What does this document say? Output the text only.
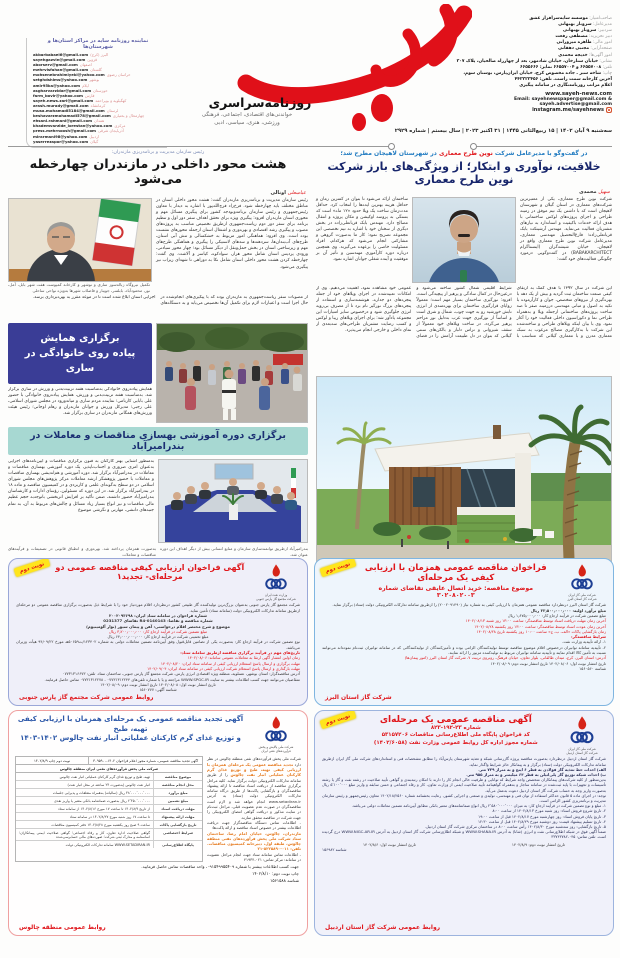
نماینده روزنامه سایه در مراکز استان‌ها و شهرستان‌ها
البرز (کرج)
akbarbabaei6@gmail.com
قزوین
sayehgazvin@gmail.com
اصفهان
aborserv@gmail.com
گلستان
mehrvisfahan@gmail.com
خراسان رضوی
mohsenebrahimiyeki@yahoo.com
بوشهر
setghdshims@yahoo.com
ایلام
amir95ka@yahoo.com
خوزستان
asgharvarzidar@gmail.com
فارس
farm_bovir@yahoo.com
کهگیلویه و بویراحمد
sayeh.news.zari@gmail.com
کرمانشاه
arash.murady@gmail.com
لرستان
musa.mohamadi5184@gmail.com
چهارمحال و بختیاری
keshavarzmohamadi578@gmail.com
همدان
ehsanl.rahmani@gmail.com
مرکزی
khademvarzide_lorestan@yahoo.com
آذربایجان شرقی
press.mehrnoosh@gmail.com
اردبیل
mirarmani98@yahoo.com
گیلان
yaserrezapor@yahoo.com
روزنامه‌سراسری
خواندنی‌های اقتصادی، اجتماعی، فرهنگی
ورزشی، هنری، سیاسی، ادبی
صاحب‌امتیاز: موسسه سایه‌سرافراز عشق
مدیرعامل: سروناز بهبهانی
سردبیر: سروناز بهبهانی
دبیر تحریریه: مصطفی رفعت
امور مالی: طاهره میرورانی
صفحه‌آرایی: مجتبی دهقانی
امور آگهی‌ها: خدیجه محمدی
نشانی: خیابان ستارخان، خیابان شادمهر، بعد از چهارراه صالحیان، پلاک ۳۰۷
تلفن: ۶۶۵۵۷۰۰۸ و ۶۶۵۵۷۰۰۴ نمابر: ۶۶۵۵۶۶۶
چاپ: شاخه سبز ـ جاده مخصوص کرج، خیابان ایران‌پارس، بوستان سوم، آخرین کارخانه سمت راست. تلفن: ۴۴۳۳۳۳۴۵۶
اعلام مراتب روزنامه‌نگاری در سامانه پیگیری
www.sayeh-news.com
Email: sayehnewspaper@gmail.com & sayeh.advertise@gmail.com
instagram.me/sayehnews
سه‌شنبه ۹ آبان ۱۴۰۲ | ۱۵ ربیع‌الثانی ۱۴۴۵ | ۳۱ اکتبر ۲۰۲۳ | سال بیستم | شماره ۲۹۲۹
در گفت‌وگو با مدیرعامل شرکت نوین طرح معماری در شهرستان لاهیجان مطرح شد؛
خلاقیت، نوآوری و ابتکار؛ از ویژگی‌های بارز شرکت نوین طرح معماری
سهیل محمدی
شرکت نوین طرح معماری، یکی از معتبرترین شرکت‌های معماری در استان گیلان و شهرستان لاهیجان است که با داشتن یک تیم موفق در زمینه طراحی و اجرای پروژه‌های لوکس ساختمانی با هدف ارائه خدمات باکیفیت و استاندارد به نیازهای مشتریان فعالیت می‌نماید. مهندس آرشیتکت بابک قربانعلی‌زاده؛ فارغ‌التحصیل مهندسی معماری، مدیرعامل شرکت نوین طرح معماری واقع در لاهیجان، خیابان شیشه‌گران (اینستاگرام BABAKARCHITECT) در گفت‌وگویی درمورد چگونگی فعالیت‌های خود گفت:
ساختمان ارائه می‌شود تا بتوان در کمترین زمان و حداقل هزینه بهترین ایده‌ها را انتخاب کرد. حداقل مدت‌زمان ساخت یک ویلا حدود «۱۲ ماه» است که بستگی به پروسه اوکیشن و مکان پروژه و انتقال مصالح دارد. مهندس بابک قربانعلی‌زاده در بخش دیگری از سخنان خود با اشاره به تیم تخصصی این مجموعه تصریح نمود: کار ما به‌صورت گروهی و مشارکتی انجام می‌شود که هرکدام، افراد مسئولیت خاصی را برعهده می‌گیرند. وی همچنین درباره دوره کارآموزی مهندسین و تأثیر آن بر موفقیت و آینده شغلی جوانان اشاره نمود.
این شرکت در سال ۱۳۹۲ با هدف کمک به ارتقای کیفی صنعت ساختمان ثبت گردید و بیش از یک دهه با بهره‌گیری از نیروهای متخصص، جوان و کارآزموده با تکیه به اصول و مبانی مهندسی درزمینه صفر تا صد ساخت پروژه‌های ساختمانی ازجمله ویلا و به‌همراه طراحی نما و دکوراسیون داخلی فعالیت خود را آغاز نمود. وی با بیان اینکه ویلاهای طراحی و ساخته‌شده این شرکت با به‌کارگیری مصالح مرغوب به سبک معماری مدرن و با معماری گیلانی که متناسب با شرایط اقلیمی شمال کشور ساخته می‌شود و درعین‌حال در کمال سادگی و پرهیز از پیچیدگی است، افزود: نورگیری ساختمان بسیار مهم است؛ معمولاً زوایای قرارگیری ساختمان برای بهره‌مندی از انرژی تابش خورشید رو به جهت چوب، شمال و شرق است و اساساً از نورگیری جهت غرب به‌دلیل نور مزاحم پرهیز می‌گردد. در ساخت ویلاهای خود معمولاً از سقف شیروانی و تراس دلباز و بالکن‌های سنتی گیلانی که بتوان در دل طبیعت آرامش را در فضای عمومی خود مشاهده نمود، اهمیت می‌دهیم. وی از امکانات تعبیه‌شده در اجرای ویلاهای خود از جمله پنجره‌های دو جداره، هوشمندسازی و استفاده از پنجره‌های بزرگ نورگیر نام برد تا از مصرف بی‌رویه انرژی جلوگیری شود و درخصوص سایر امتیازات این مجموعه یادآور شد: برای اجرای ویلاهای زیبا و لوکس و کسب رضایت مشتریان طراحی‌های سه‌بعدی از نمای داخلی و خارجی انجام می‌پذیرد.
رئیس سازمان مدیریت و برنامه‌ریزی مازندران:
هشت محور داخلی در مازندران چهارخطه می‌شود
عباسعلی اونالی
رئیس سازمان مدیریت و برنامه‌ریزی مازندران گفت: هشت محور داخلی استان در مناطق مختلف باید چهارخطه شود. فرخ‌زاد فرج‌الله‌پور با اشاره به دیدار با معاون رئیس‌جمهوری و رئیس سازمان برنامه‌وبودجه کشور برای پیگیری مسائل مهم و محوری استان مازندران افزود: پیگیری ویژه برای تحقق اهداف سفر دور اول و تنظیم برنامه برای سفر دور دوم ریاست‌جمهوری ازطریق تخصیص مناسب به پروژه‌های مصوب و پیگیری رشد اقتصادی و بهره‌وری و اشتغال استان ازجمله محورهای نشست بوده است. وی افزود: هماهنگی امور مربوط به خشکسالی و تنش آبی استان، طرح‌های آب‌بندان‌ها، سردهنه‌ها و سدهای لاستیکی را پیگیری و هماهنگی طرح‌های مهم و زیرساختی استان در بخش حمل‌ونقل از دیگر مسائل بود؛ چهار محور سیادتی، ورودی پردیس استان شامل محور هراز، سوادکوه، کیاسر و آلاشت. وی گفت: چهارخطه کردن هشت محور داخلی استان شامل نکا به دوراهی تا شهدای زیراب نیز پیگیری می‌شود.
تکمیل نیروگاه زباله‌سوز ساری و نوشهر و کارخانه کمپوست هفت شهر بابل، آمل، نور، محمودآباد، بابلسر، جویبار و فاضلاب شهرها به‌ویژه نواحی ساحلی
از مصوبات سفر ریاست‌جمهوری به مازندران بوده که با پیگیری‌های انجام‌شده در حال اجرا است و اعتبارات لازم برای تکمیل آن‌ها تخصیص می‌یابد و به دستگاه‌های اجرایی استان ابلاغ شده است تا در موعد مقرر به بهره‌برداری برسد.
برگزاری همایش
پیاده روی خانوادگی در ساری
همایش پیاده‌روی خانوادگی به‌مناسبت هفته تربیت‌بدنی و ورزش در ساری برگزار شد. به‌مناسبت هفته تربیت‌بدنی و ورزش، همایش پیاده‌روی خانوادگی با حضور علی بابایی کارنامی؛ نماینده مردم ساری و میاندورود در مجلس شورای اسلامی، علی رجبی؛ مدیرکل ورزش و جوانان مازندران و رهام اوجانی؛ رئیس هیئت ورزش‌های همگانی مازندران در ساری برگزار شد.
برگزاری دوره آموزشی بهسازی مناقصات و معاملات در بندرامیرآباد
به‌منظور آشنایی بهتر کارکنان به فنون برگزاری مناقصات و آیین‌نامه‌های اجرایی به‌عنوان امری ضروری و اجتناب‌ناپذیر، یک دوره آموزشی بهسازی مناقصات و معاملات در بندرامیرآباد برگزار شد. دوره آموزشی و هم‌اندیشی بهسازی مناقصات و معاملات با حضور پژوهشگر ارشد معاملات مرکز پژوهش‌های مجلس شورای اسلامی در دو سطح به‌گونه‌ای علمی و کاربردی و در کمیسیون مناقصه و ماده ۱۸ در بندرامیرآباد برگزار شد. در این دوره که مسئولین، رؤسای ادارات و کارشناسان بندرامیرآباد حضور داشتند، ضمن تأکید بر افزایش اثربخشی باتوجه‌به حجم عظیم مالی مناقصات و نیز انواع بسیار زیاد مسائل و چالش‌های مربوط به آن، به تمام جنبه‌های دانشی، مهارتی و نگرشی موضوع
بندرامیرآباد ازطریق توانمندسازی سازمان و منابع انسانی بیش از دیگر اهداف این دوره عنوان شد.
به‌صورت همزمان پرداخته شد. بهره‌وری و انطباق قانونی در تصمیمات و فرآیندهای مناقصات و معاملات
وزارت نفت ایران
شرکت مجتمع گاز پارس جنوبی
آگهی فراخوان ارزیابی کیفی مناقصه عمومی دو مرحله‌ای- تجدید۱
نوبت دوم
شرکت مجتمع گاز پارس جنوبی به‌عنوان بزرگ‌ترین تولیدکننده گاز طبیعی کشور درنظردارد اقلام موردنیاز خود را با شرایط ذیل به‌صورت برگزاری مناقصه عمومی دو مرحله‌ای ازطریق سامانه تدارکات الکترونیکی دولت (سامانه ستاد) تأمین نماید.
شماره فراخوان در سامانه ستاد ایران: ۲۰۰۲۰۹۳۶۹۸
شماره مناقصه و تقاضا: R4-0140143 تقاضای 0231377
موضوع و شرح مختصر اقلام درخواستی: آهن و پیمان سیور (نوار آلومینیوم)
مبلغ تضمین شرکت در فرآیند ارجاع کار: ۳٫۲۰۰٫۰۰۰٫۰۰۰ ریال
مبلغ تخمینی شرکت در فرآیند ارجاع کار: ۶۴٫۰۰۰٫۰۰۰٫۰۰۰ ریال
نوع تضمین شرکت در فرآیند ارجاع کار: به‌صورت یکی از تضامین قابل‌قبول وفق آیین‌نامه تضمین معاملات دولتی به شماره ۱۲۳۴۰۲/ت۵۰۶۵۹هـ مورخ ۹۴/۰۹/۲۲ هیأت وزیران می‌باشد.
تاریخ‌های مهم در فرآیند برگزاری مناقصه ازطریق سامانه ستاد:
زمان اولین انتشار آگهی ارتقا به معاملات عمومی سامانه: ۱۴۰۲/۰۸/۰۶
مهلت برگزاری و ارسال پاسخ استعلام ارزیابی کیفی از سامانه ستاد ایران: ۱۴۰۲/۰۸/۲۰
مهلت بارگذاری و ارسال پاسخ استعلام شرکت ارزیابی کیفی در سامانه ستاد ایران: ۱۴۰۲/۰۹/۰۴
آدرس مناقصه‌گزار: استان بوشهر، عسلویه، منطقه ویژه اقتصادی انرژی پارس، شرکت مجتمع گاز پارس جنوبی، ساختمان ستاد. تلفن: ۰۷۷۳۱۳۱۶۶۷۳
متقاضیان می‌توانند جهت کسب اطلاعات بیشتر به سایت WWW.SPGC.IR مراجعه و یا با شماره تلفن‌های ۰۷۷۳۱۳۱۲۲۴۴ - ۰۷۷۳۱۳۱۲۲۷۸ تماس حاصل فرمایند.
تاریخ انتشار نوبت اول: ۱۴۰۲/۰۸/۰۸ تاریخ انتشار نوبت دوم: ۱۴۰۲/۰۸/۰۹
شناسه آگهی: ۱۵۶۰۷۷۷
روابط عمومی شرکت مجتمع گاز پارس جنوبی
شرکت ملی گاز ایران
شرکت گاز استان البرز
فراخوان مناقصه عمومی همزمان با ارزیابی کیفی یک مرحله‌ای
موضوع مناقصه: خرید اتصال عایقی تقاضای شماره ۳۰۲۰۸۰۲۰۰۳
نوبت دوم
شرکت گاز استان البرز درنظردارد مناقصه عمومی همزمان با ارزیابی کیفی به شماره نیاز (۲۰۰۲۰۹۱۴۹۰) را ازطریق سامانه تدارکات الکترونیکی دولت (ستاد) برگزار نماید.
مبلغ برآورد اولیه: ۳۳٫۵۰۰٫۰۰۰٫۰۰۰ ریال
مبلغ تضمین شرکت در فرآیند ارجاع کار: ۱٫۶۷۵٫۰۰۰٫۰۰۰ ریال
آخرین زمان مهلت دریافت اسناد توسط مناقصه‌گر: ساعت ۱۳:۰۰ روز شنبه ۱۴۰۲/۰۸/۱۳
آخرین زمان عودت اسناد توسط مناقصه‌گر: ساعت ۱۳:۰۰ روز یکشنبه ۱۴۰۲/۰۸/۲۸
زمان بازگشایی پاکات «الف، ب، ج» ساعت ۱۰:۰۰ روز یکشنبه تاریخ ۱۴۰۲/۰۸/۲۸
شرایط مناقصه‌گر:
۱- ارائه تأییدیه وزارت نفت.
۲- تأییدیه سامانه توانیران درخصوص اقلام موضوع مناقصه توسط تولیدکنندگان الزامی بوده و تأمین‌کنندگان از تولیدکنندگانی که در سامانه توانیران ثبت‌نام نموده‌اند می‌توانند نسبت به تأمین کالا اقدام نمایند و تأییدیه سامانه توانیران مربوط به تولیدکننده مزبور را ارائه نمایند.
آدرس: استان البرز، کرج، میدان طالقانی، بلوار تعاون، خیابان فرهنگ، روبروی تربیت ۷، شرکت گاز استان البرز (امور پیمان‌ها)
تاریخ انتشار نوبت اول: ۱۴۰۲/۰۸/۰۶ تاریخ انتشار نوبت دوم: ۱۴۰۲/۰۸/۰۹
شناسه ۱۵۶۰۵۶۰
شرکت گاز استان البرز
شرکت ملی پالایش و پخش
فرآورده‌های نفتی ایران
آگهی تجدید مناقصه عمومی یک مرحله‌ای همزمان با ارزیابی کیفی تهیه، طبخ
و توزیع غذای گرم کارکنان عملیاتی انبار نفت چالوس ۱۴۰۲-۱۴۰۳
شرکت ملی پخش فرآورده‌های نفتی منطقه چالوس در نظر دارد تجدید مناقصه عمومی یک مرحله‌ای همزمان با ارزیابی کیفی تهیه، طبخ و توزیع غذای گرم کارکنان عملیاتی انبار نفت چالوس را از طریق سامانه تدارکات الکترونیکی دولت برگزار نماید. کلیه مراحل برگزاری مناقصه از دریافت اسناد مناقصه تا ارائه پیشنهاد مناقصه‌گران و بازگشایی پاکت‌ها از طریق درگاه سامانه تدارکات الکترونیکی دولت (ستاد) به آدرس www.setadiran.ir انجام خواهد شد و لازم است مناقصه‌گران در صورت عدم عضویت قبلی، مراحل ثبت‌نام در سایت مذکور و دریافت گواهی امضای الکترونیکی را جهت شرکت در مناقصه محقق سازند.
- اطلاعات تماس دستگاه مناقصه‌گزار جهت دریافت اطلاعات بیشتر در خصوص اسناد مناقصه و ارائه پاکت‌ها:
مازندران، چالوس، خیابان امام رضا، ساختمان ستاد شرکت ملی پخش فرآورده‌های نفتی منطقه چالوس، طبقه اول، دبیرخانه کمیسیون مناقصات. تلفن: ۰۱۱-۵۲۲۵۸۹۰-۲۱
- اطلاعات تماس سامانه ستاد جهت انجام مراحل عضویت در سامانه: مرکز تماس: ۰۲۱-۴۱۹۳۴
آگهی تجدید مناقصه عمومی، شماره مجوز اعلام فراخوان ۱۴۰۲-۳۰۹۵۹۰۰
نوبت دوم چاپ ۱۴۰۲/۸/۹
شرکت ملی پخش فرآورده‌های نفتی ایران منطقه چالوس
موضوع مناقصه
تهیه، طبخ و توزیع غذای گرم کارکنان عملیاتی انبار نفت چالوس
محل انجام مناقصه
انبار نفت چالوس (به‌صورت ۲۴ ساعته در محل انبار نفت)
مبلغ برآورد
۴۸٬۰۰۰٬۰۰۰٬۰۰۰ ریال (سالیانه) به‌همراه متعلقات و پذیرایی جلسات
مبلغ تضمین
۲٬۴۵۰٬۰۰۰٬۰۰۰ ریال به‌صورت ضمانتنامه بانکی معتبر یا واریز نقدی
مهلت دریافت اسناد
از تاریخ ۱۴۰۲/۸/۹ تا ساعت ۱۷ مورخ ۱۴۰۲/۸/۱۶ از سامانه ستاد
مهلت ارائه پیشنهاد
تا ساعت ۱۷ روز شنبه مورخ ۱۴۰۲/۸/۲۷ در سامانه ستاد
تاریخ بازگشایی پاکات
ساعت ۹ صبح روز یکشنبه مورخ ۱۴۰۲/۸/۲۸ دفتر کمیسیون مناقصات
شرایط اختصاصی
گواهی صلاحیت اداره تعاون، کار و رفاه اجتماعی؛ گواهی صلاحیت ایمنی پیمانکاران؛ اساسنامه و مدارک ثبتی شرکت؛ صورت‌های مالی حسابرسی‌شده
پایگاه اطلاع‌رسانی
WWW.SETADIRAN.IR سامانه تدارکات الکترونیکی دولت
جهت کسب اطلاعات بیشتر با شماره ۰۹۱۵۴۹۹۵۵۴۰۹، واحد مناقصات تماس حاصل فرمایید.
چاپ نوبت دوم: ۱۴۰۲/۸/۱۰
شناسه ۱۵۶۱۵۸۸
روابط عمومی منطقه چالوس
شرکت ملی گاز ایران
شرکت گاز استان اردبیل
آگهی مناقصه عمومی یک مرحله‌ای
شماره ۲۳-۱۹۲-۸۲۳
کد فراخوان پایگاه ملی اطلاع‌رسانی مناقصات ۵۳۱۵۷۲۰۶
شماره مجوز اداره کل روابط عمومی وزارت نفت (۱۴۰۲/۶۰۵۸)
نوبت دوم
شرکت گاز استان اردبیل درنظردارد به‌صورت مناقصه پروژه گازرسانی شبکه و تغذیه شهرستان پارس‌آباد را مطابق مشخصات فنی و استانداردهای شرکت ملی گاز ایران ازطریق سامانه تدارکات الکترونیکی دولت (ستاد) برگزار و به پیمانکار حائز شرایط واگذار نماید.
الف) احداث خط تغذیه گاز فولادی به قطر ۶ اینچ و به متراژ ۷۲۹ متر.
ب) احداث شبکه توزیع گاز پلی‌اتیلن به قطر ۶۳ میلیمتر و به متراژ ۹۵۵ متر.
بدین‌منظور از کلیه شرکت‌های پیمانکاران متخصص واجد شرایط که توانایی و ظرفیت خالی انجام کار را دارند با امکان رتبه‌بندی و گواهی تأیید صلاحیت در رشته نفت و گاز یا رشته تأسیسات و تجهیزات با پایه ثبت‌شده در سامانه ساجار و به‌همراه گواهینامه تأیید صلاحیت ایمنی از وزارت تعاون، کار و رفاه اجتماعی و حسن سابقه و واریز مبلغ ۵٬۱۰۰٬۰۰۰ ریال به‌صورت واریز وجه به حساب شرکت گاز استان اردبیل دعوت به‌عمل می‌آید.
توجه: در اجرای ماده ۵ قانون حداکثر استفاده از توان فنی و مهندسی، تولیدی و صنعتی و اجرایی کشور، رعایت بخشنامه شماره ۱۴۰۲/۱۸/۲۵۶۰ معاون رئیس‌جمهور و رئیس سازمان مدیریت و برنامه‌ریزی کشور الزامی است.
۱- مبلغ و نوع تضمین شرکت در فرآیند ارجاع کار: به میزان ۲٬۵۸۰٬۰۰۰٬۰۰۰ ریال انواع ضمانتنامه‌های معتبر بانکی مطابق آیین‌نامه تضمین معاملات دولتی می‌باشد.
۲- تاریخ شروع فروش اسناد: روز شنبه مورخ ۱۴۰۲/۸/۱۳ از ساعت ۸:۰۰
۳- تاریخ پایان فروش اسناد: روز چهارشنبه مورخ ۱۴۰۲/۸/۱۷ قبل از ساعت ۱۹:۰۰
۴- تاریخ تسلیم پیشنهاد قیمت: روز دوشنبه مورخ ۱۴۰۲/۸/۲۹ قبل از ساعت ۱۲:۳۰
۵- تاریخ بازگشایی: روز سه‌شنبه مورخ ۱۴۰۲/۸/۳۰ رأس ساعت ۸:۰۰ در ساختمان مرکزی شرکت گاز استان اردبیل.
ضمناً آگهی فوق در شبکه اطلاع‌رسانی نفت و انرژی (شانا) به آدرس WWW.SHANA.IR و شبکه اطلاع‌رسانی شرکت گاز استان اردبیل به آدرس WWW.NIGC-AR.IR درج گردیده است. تلفن تماس: ۰۴۵-۳۳۷۴۳۷۸۲
تاریخ انتشار نوبت دوم: ۱۴۰۲/۸/۹
تاریخ انتشار نوبت اول: ۱۴۰۲/۸/۶
شناسه ۱۵۶۹۸۲
روابط عمومی شرکت گاز استان اردبیل
